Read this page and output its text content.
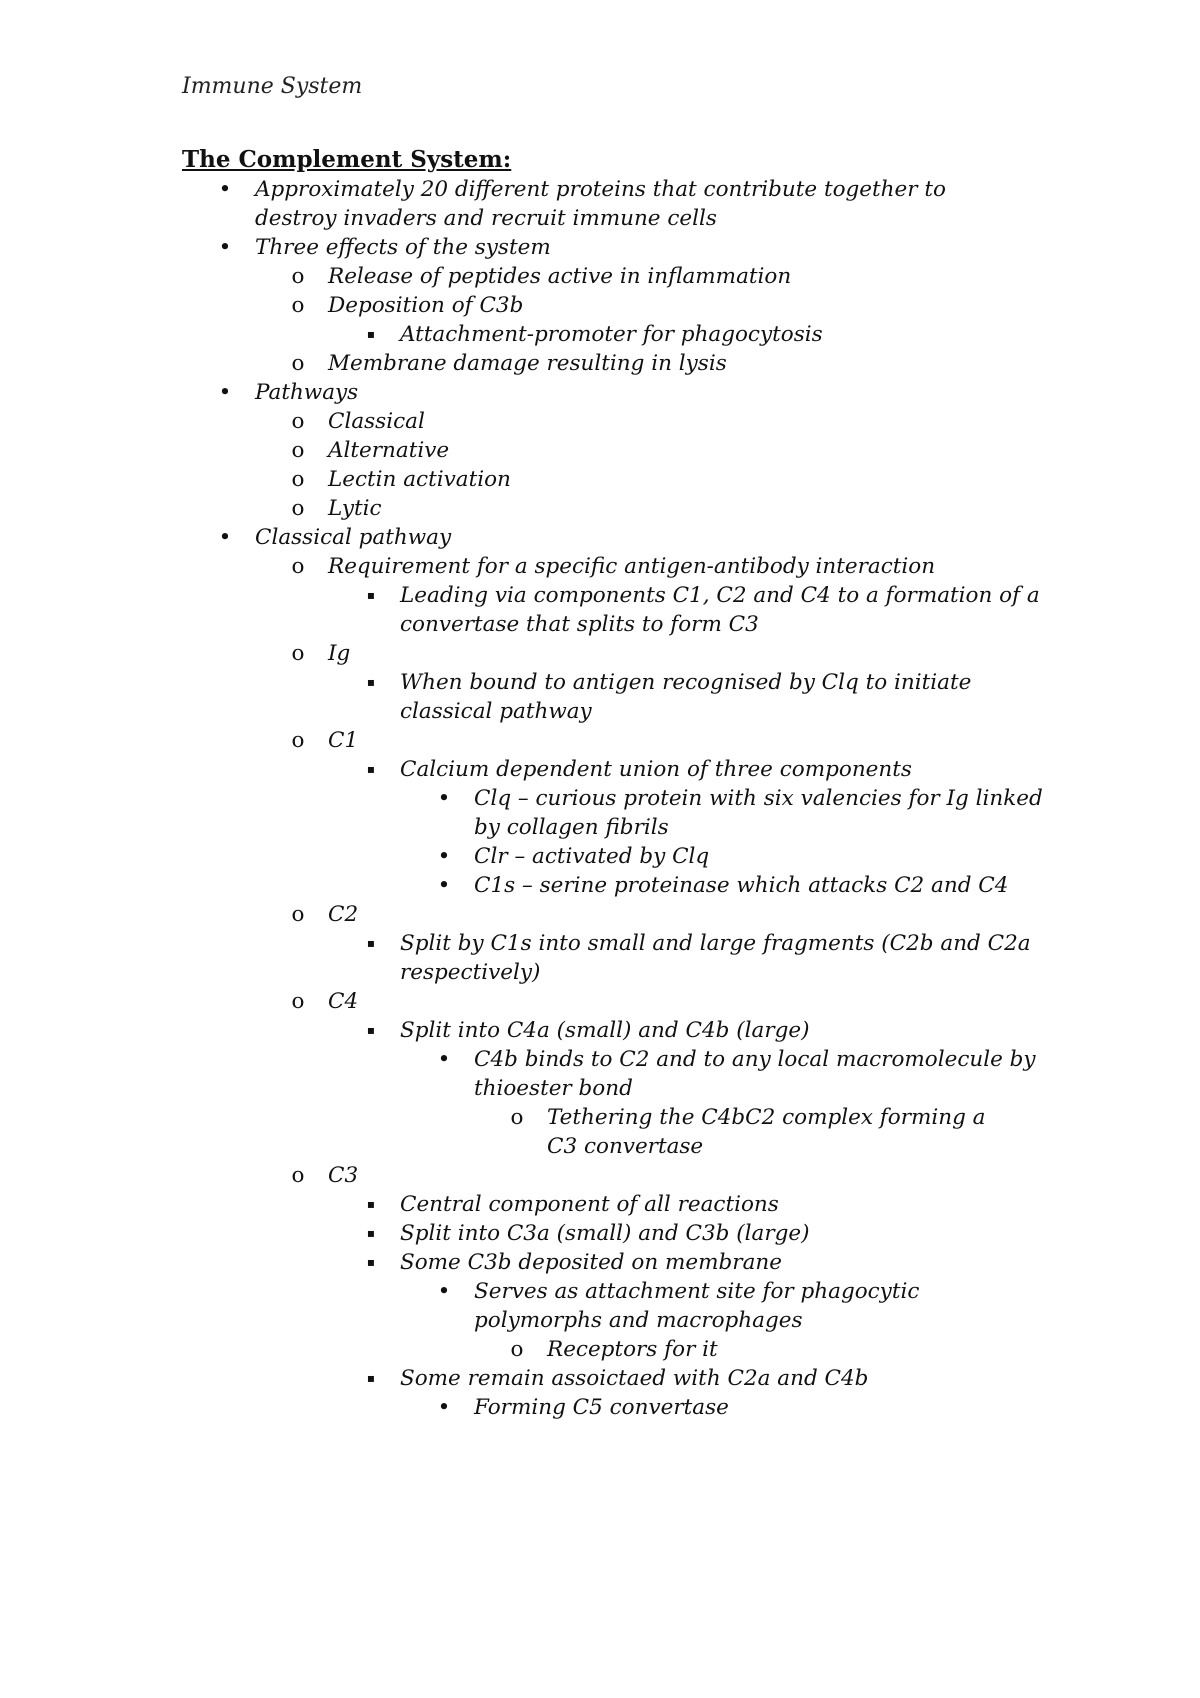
Immune System
The Complement System:
• Approximately 20 different proteins that contribute together to destroy invaders and recruit immune cells
• Three effects of the system
o Release of peptides active in inflammation
o Deposition of C3b
▪ Attachment-promoter for phagocytosis
o Membrane damage resulting in lysis
• Pathways
o Classical
o Alternative
o Lectin activation
o Lytic
• Classical pathway
o Requirement for a specific antigen-antibody interaction
▪ Leading via components C1, C2 and C4 to a formation of a convertase that splits to form C3
o Ig
▪ When bound to antigen recognised by Clq to initiate classical pathway
o C1
▪ Calcium dependent union of three components
• Clq – curious protein with six valencies for Ig linked by collagen fibrils
• Clr – activated by Clq
• C1s – serine proteinase which attacks C2 and C4
o C2
▪ Split by C1s into small and large fragments (C2b and C2a respectively)
o C4
▪ Split into C4a (small) and C4b (large)
• C4b binds to C2 and to any local macromolecule by thioester bond
o Tethering the C4bC2 complex forming a C3 convertase
o C3
▪ Central component of all reactions
▪ Split into C3a (small) and C3b (large)
▪ Some C3b deposited on membrane
• Serves as attachment site for phagocytic polymorphs and macrophages
o Receptors for it
▪ Some remain assoictaed with C2a and C4b
• Forming C5 convertase
